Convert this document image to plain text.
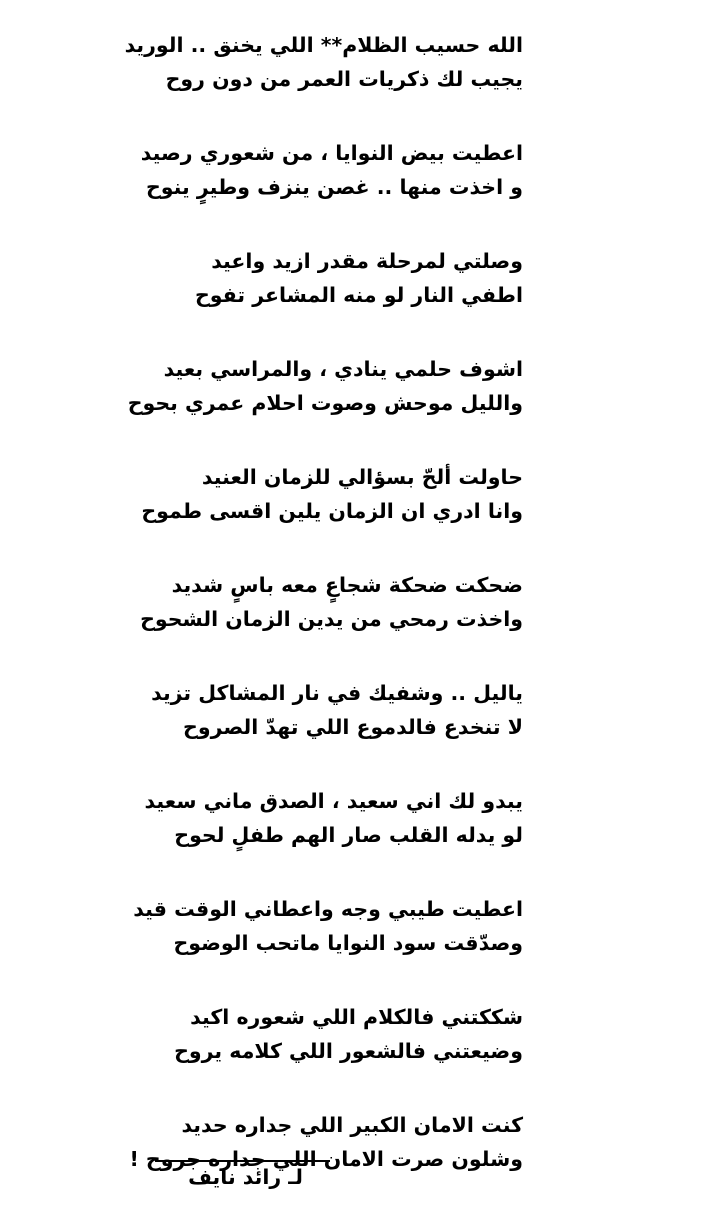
الله حسيب الظلام** اللي يخنق .. الوريد
يجيب لك ذكريات العمر من دون روح
اعطيت بيض النوايا ، من شعوري رصيد
و اخذت منها .. غصن ينزف وطيرٍ ينوح
وصلتي لمرحلة مقدر ازيد واعيد
اطفي النار لو منه المشاعر تفوح
اشوف حلمي ينادي ، والمراسي بعيد
والليل موحش وصوت احلام عمري بحوح
حاولت ألحّ بسؤالي للزمان العنيد
وانا ادري ان الزمان يلين اقسى طموح
ضحكت ضحكة شجاعٍ معه باسٍ شديد
واخذت رمحي من يدين الزمان الشحوح
ياليل .. وشفيك في نار المشاكل تزيد
لا تنخدع فالدموع اللي تهدّ الصروح
يبدو لك اني سعيد ، الصدق ماني سعيد
لو يدله القلب صار الهم طفلٍ لحوح
اعطيت طيبي وجه واعطاني الوقت قيد
وصدّقت سود النوايا ماتحب الوضوح
شككتني فالكلام اللي شعوره اكيد
وضيعتني فالشعور اللي كلامه يروح
كنت الامان الكبير اللي جداره حديد
وشلون صرت الامان اللي جداره جروح !
لـ رائد نايف
